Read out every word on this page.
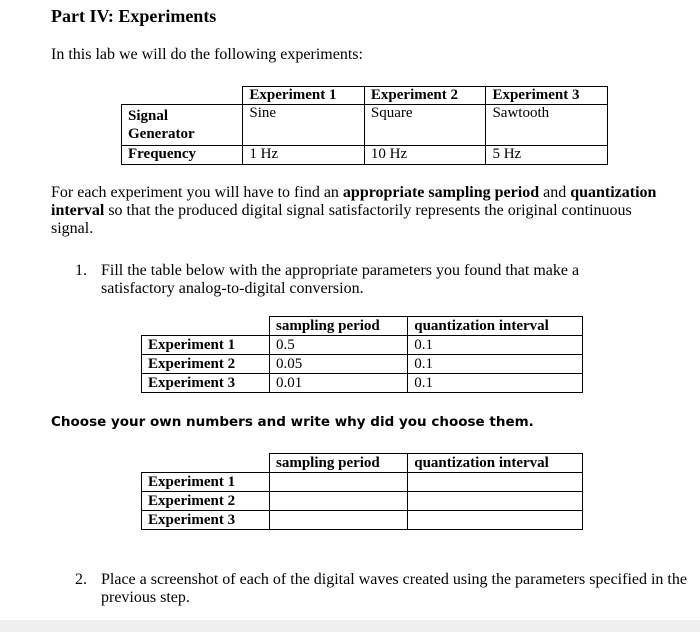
Part IV: Experiments
In this lab we will do the following experiments:
	Experiment 1	Experiment 2	Experiment 3
Signal Generator	Sine	Square	Sawtooth
Frequency	1 Hz	10 Hz	5 Hz
For each experiment you will have to find an appropriate sampling period and quantization interval so that the produced digital signal satisfactorily represents the original continuous signal.
1. Fill the table below with the appropriate parameters you found that make a satisfactory analog-to-digital conversion.
	sampling period	quantization interval
Experiment 1	0.5	0.1
Experiment 2	0.05	0.1
Experiment 3	0.01	0.1
Choose your own numbers and write why did you choose them.
	sampling period	quantization interval
Experiment 1		
Experiment 2		
Experiment 3		
2. Place a screenshot of each of the digital waves created using the parameters specified in the previous step.
